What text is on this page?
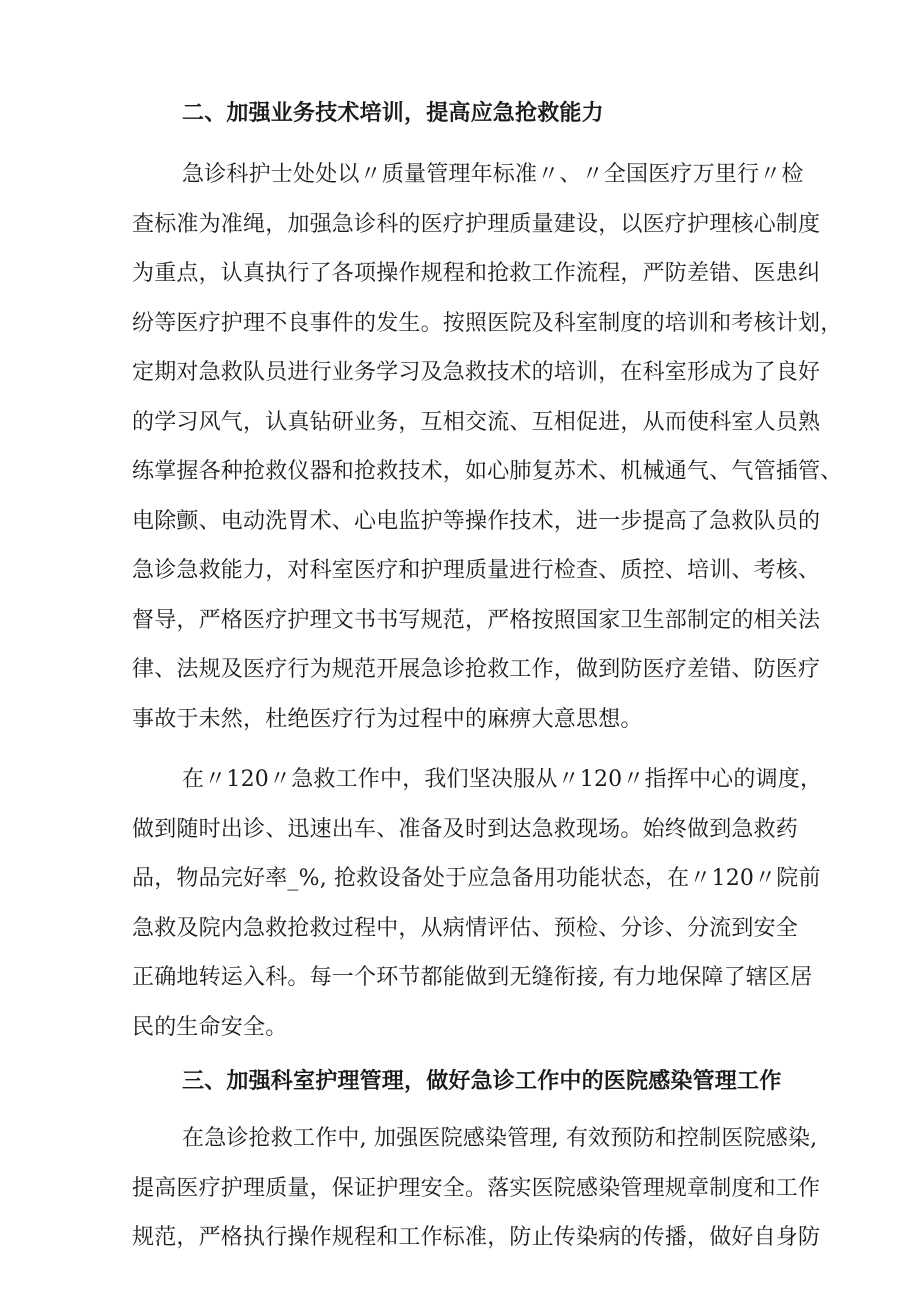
二、加强业务技术培训，提高应急抢救能力
急诊科护士处处以〃质量管理年标准〃、〃全国医疗万里行〃检
查标准为准绳，加强急诊科的医疗护理质量建设，以医疗护理核心制度
为重点，认真执行了各项操作规程和抢救工作流程，严防差错、医患纠
纷等医疗护理不良事件的发生。按照医院及科室制度的培训和考核计划，
定期对急救队员进行业务学习及急救技术的培训，在科室形成为了良好
的学习风气，认真钻研业务，互相交流、互相促进，从而使科室人员熟
练掌握各种抢救仪器和抢救技术，如心肺复苏术、机械通气、气管插管、
电除颤、电动洗胃术、心电监护等操作技术，进一步提高了急救队员的
急诊急救能力，对科室医疗和护理质量进行检查、质控、培训、考核、
督导，严格医疗护理文书书写规范，严格按照国家卫生部制定的相关法
律、法规及医疗行为规范开展急诊抢救工作，做到防医疗差错、防医疗
事故于未然，杜绝医疗行为过程中的麻痹大意思想。
在〃120〃急救工作中，我们坚决服从〃120〃指挥中心的调度，
做到随时出诊、迅速出车、准备及时到达急救现场。始终做到急救药
品，物品完好率_%, 抢救设备处于应急备用功能状态，在〃120〃院前
急救及院内急救抢救过程中，从病情评估、预检、分诊、分流到安全
正确地转运入科。每一个环节都能做到无缝衔接, 有力地保障了辖区居
民的生命安全。
三、加强科室护理管理，做好急诊工作中的医院感染管理工作
在急诊抢救工作中, 加强医院感染管理, 有效预防和控制医院感染,
提高医疗护理质量，保证护理安全。落实医院感染管理规章制度和工作
规范，严格执行操作规程和工作标准，防止传染病的传播，做好自身防
